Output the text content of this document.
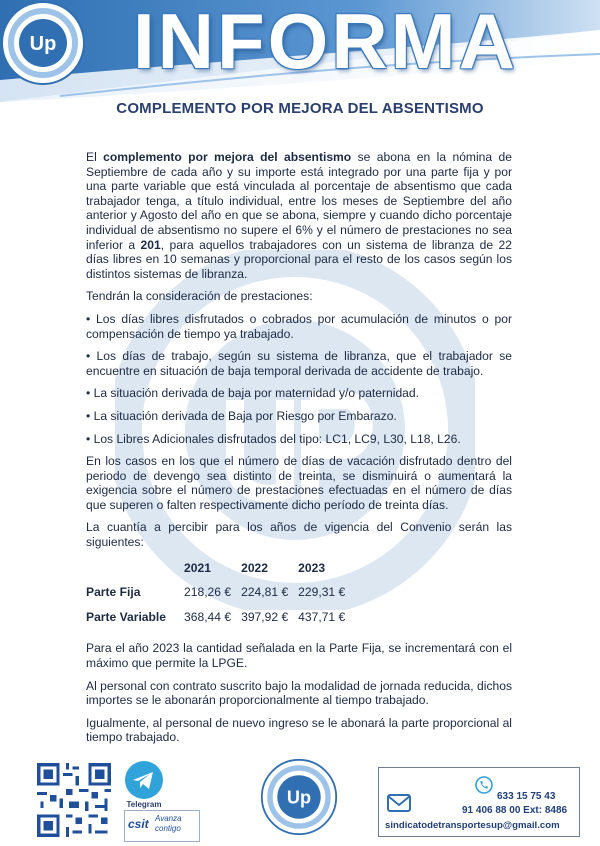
Up INFORMA
COMPLEMENTO POR MEJORA DEL ABSENTISMO

El complemento por mejora del absentismo se abona en la nómina de Septiembre de cada año y su importe está integrado por una parte fija y por una parte variable que está vinculada al porcentaje de absentismo que cada trabajador tenga, a título individual, entre los meses de Septiembre del año anterior y Agosto del año en que se abona, siempre y cuando dicho porcentaje individual de absentismo no supere el 6% y el número de prestaciones no sea inferior a 201, para aquellos trabajadores con un sistema de libranza de 22 días libres en 10 semanas y proporcional para el resto de los casos según los distintos sistemas de libranza.

Tendrán la consideración de prestaciones:

• Los días libres disfrutados o cobrados por acumulación de minutos o por compensación de tiempo ya trabajado.

• Los días de trabajo, según su sistema de libranza, que el trabajador se encuentre en situación de baja temporal derivada de accidente de trabajo.

• La situación derivada de baja por maternidad y/o paternidad.

• La situación derivada de Baja por Riesgo por Embarazo.

• Los Libres Adicionales disfrutados del tipo: LC1, LC9, L30, L18, L26.

En los casos en los que el número de días de vacación disfrutado dentro del periodo de devengo sea distinto de treinta, se disminuirá o aumentará la exigencia sobre el número de prestaciones efectuadas en el número de días que superen o falten respectivamente dicho período de treinta días.

La cuantía a percibir para los años de vigencia del Convenio serán las siguientes:

	2021	2022	2023
Parte Fija	218,26 €	224,81 €	229,31 €
Parte Variable	368,44 €	397,92 €	437,71 €

Para el año 2023 la cantidad señalada en la Parte Fija, se incrementará con el máximo que permite la LPGE.

Al personal con contrato suscrito bajo la modalidad de jornada reducida, dichos importes se le abonarán proporcionalmente al tiempo trabajado.

Igualmente, al personal de nuevo ingreso se le abonará la parte proporcional al tiempo trabajado.

Telegram
csit Avanza
contigo
Up	633 15 75 43
91 406 88 00 Ext: 8486
sindicatodetransportesup@gmail.com
